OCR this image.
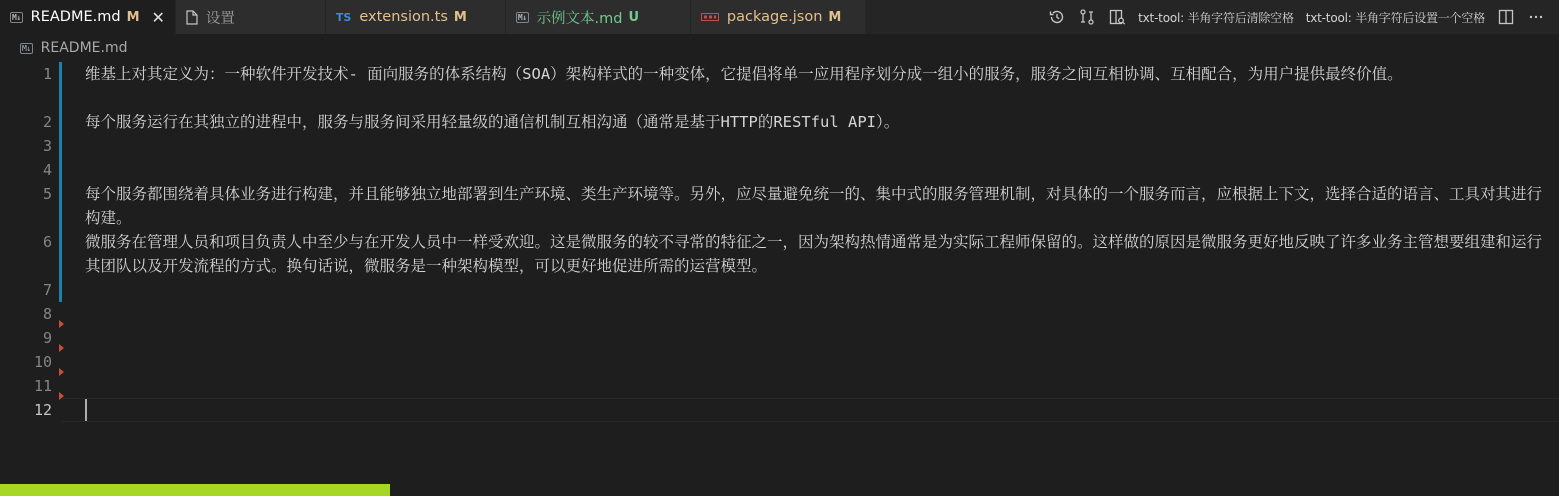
M↓ README.md M ✕	设置	TS extension.ts M	M↓ 示例文本.md U	package.json M	txt-tool: 半角字符后清除空格	txt-tool: 半角字符后设置一个空格
M↓ README.md
1 维基上对其定义为：一种软件开发技术- 面向服务的体系结构（SOA）架构样式的一种变体，它提倡将单一应用程序划分成一组小的服务，服务之间互相协调、互相配合，为用户提供最终价值。
2 每个服务运行在其独立的进程中，服务与服务间采用轻量级的通信机制互相沟通（通常是基于HTTP的RESTful API）。
3
4
5 每个服务都围绕着具体业务进行构建，并且能够独立地部署到生产环境、类生产环境等。另外，应尽量避免统一的、集中式的服务管理机制，对具体的一个服务而言，应根据上下文，选择合适的语言、工具对其进行构建。
6 微服务在管理人员和项目负责人中至少与在开发人员中一样受欢迎。这是微服务的较不寻常的特征之一，因为架构热情通常是为实际工程师保留的。这样做的原因是微服务更好地反映了许多业务主管想要组建和运行其团队以及开发流程的方式。换句话说，微服务是一种架构模型，可以更好地促进所需的运营模型。
7
8
9
10
11
12
